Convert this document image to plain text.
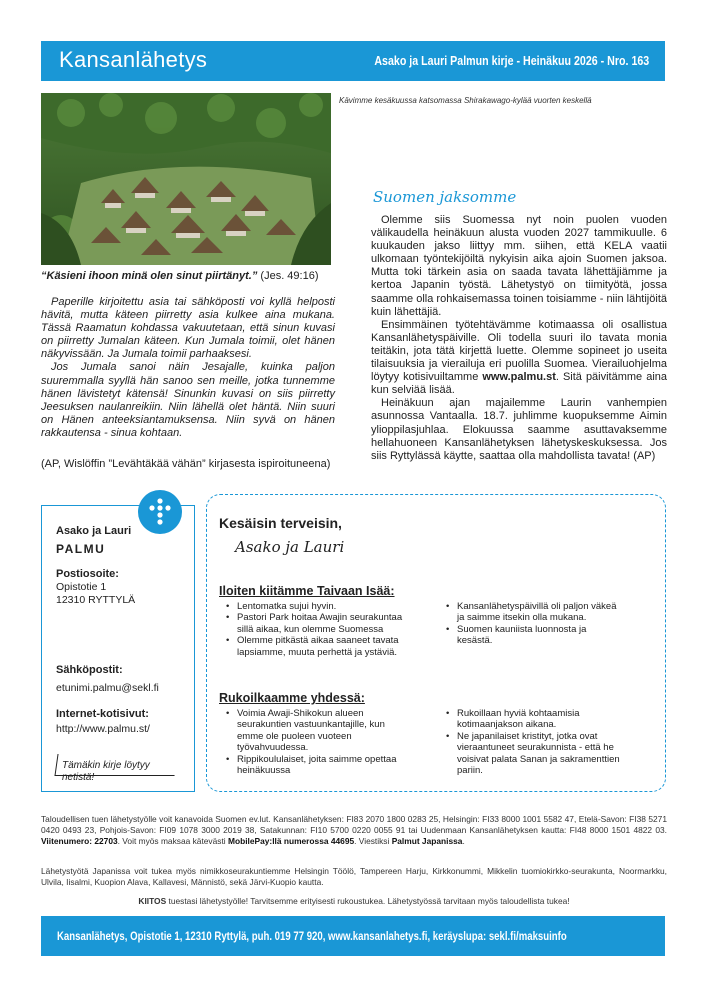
Kansanlähetys	Asako ja Lauri Palmun kirje - Heinäkuu 2026 - Nro. 163
Kävimme kesäkuussa katsomassa Shirakawago-kylää vuorten keskellä
“Käsieni ihoon minä olen sinut piirtänyt.” (Jes. 49:16)

Paperille kirjoitettu asia tai sähköposti voi kyllä helposti hävitä, mutta käteen piirretty asia kulkee aina mukana. Tässä Raamatun kohdassa vakuutetaan, että sinun kuvasi on piirretty Jumalan käteen. Kun Jumala toimii, olet hänen näkyvissään. Ja Jumala toimii parhaaksesi.

Jos Jumala sanoi näin Jesajalle, kuinka paljon suuremmalla syyllä hän sanoo sen meille, jotka tunnemme hänen lävistetyt kätensä! Sinunkin kuvasi on siis piirretty Jeesuksen naulanreikiin. Niin lähellä olet häntä. Niin suuri on Hänen anteeksiantamuksensa. Niin syvä on hänen rakkautensa - sinua kohtaan.

(AP, Wislöffin ”Levähtäkää vähän” kirjasesta ispiroituneena)
Suomen jaksomme

Olemme siis Suomessa nyt noin puolen vuoden välikaudella heinäkuun alusta vuoden 2027 tammikuulle. 6 kuukauden jakso liittyy mm. siihen, että KELA vaatii ulkomaan työntekijöiltä nykyisin aika ajoin Suomen jaksoa. Mutta toki tärkein asia on saada tavata lähettäjiämme ja kertoa Japanin työstä. Lähetystyö on tiimityötä, jossa saamme olla rohkaisemassa toinen toisiamme - niin lähtijöitä kuin lähettäjiä.

Ensimmäinen työtehtävämme kotimaassa oli osallistua Kansanlähetyspäiville. Oli todella suuri ilo tavata monia teitäkin, jota tätä kirjettä luette. Olemme sopineet jo useita tilaisuuksia ja vierailuja eri puolilla Suomea. Vierailuohjelma löytyy kotisivuiltamme www.palmu.st. Sitä päivitämme aina kun selviää lisää.

Heinäkuun ajan majailemme Laurin vanhempien asunnossa Vantaalla. 18.7. juhlimme kuopuksemme Aimin ylioppilasjuhlaa. Elokuussa saamme asuttavaksemme hellahuoneen Kansanlähetyksen lähetyskeskuksessa. Jos siis Ryttylässä käytte, saattaa olla mahdollista tavata! (AP)

Asako ja Lauri
PALMU
Postiosoite:
Opistotie 1
12310 RYTTYLÄ
Sähköpostit:
etunimi.palmu@sekl.fi
Internet-kotisivut:
http://www.palmu.st/
Tämäkin kirje löytyy netistä!
Kesäisin terveisin,
Asako ja Lauri
Iloiten kiitämme Taivaan Isää:
• Lentomatka sujui hyvin.
• Pastori Park hoitaa Awajin seurakuntaa sillä aikaa, kun olemme Suomessa
• Olemme pitkästä aikaa saaneet tavata lapsiamme, muuta perhettä ja ystäviä.
• Kansanlähetyspäivillä oli paljon väkeä ja saimme itsekin olla mukana.
• Suomen kauniista luonnosta ja kesästä.
Rukoilkaamme yhdessä:
• Voimia Awaji-Shikokun alueen seurakuntien vastuunkantajille, kun emme ole puoleen vuoteen työvahvuudessa.
• Rippikoululaiset, joita saimme opettaa heinäkuussa
• Rukoillaan hyviä kohtaamisia kotimaanjakson aikana.
• Ne japanilaiset kristityt, jotka ovat vieraantuneet seurakunnista - että he voisivat palata Sanan ja sakramenttien pariin.
Taloudellisen tuen lähetystyölle voit kanavoida Suomen ev.lut. Kansanlähetyksen: FI83 2070 1800 0283 25, Helsingin: FI33 8000 1001 5582 47, Etelä-Savon: FI38 5271 0420 0493 23, Pohjois-Savon: FI09 1078 3000 2019 38, Satakunnan: FI10 5700 0220 0055 91 tai Uudenmaan Kansanlähetyksen kautta: FI48 8000 1501 4822 03. Viitenumero: 22703. Voit myös maksaa kätevästi MobilePay:llä numerossa 44695. Viestiksi Palmut Japanissa.
Lähetystyötä Japanissa voit tukea myös nimikkoseurakuntiemme Helsingin Töölö, Tampereen Harju, Kirkkonummi, Mikkelin tuomiokirkko-seurakunta, Noormarkku, Ulvila, Iisalmi, Kuopion Alava, Kallavesi, Männistö, sekä Järvi-Kuopio kautta.
KIITOS tuestasi lähetystyölle! Tarvitsemme erityisesti rukoustukea. Lähetystyössä tarvitaan myös taloudellista tukea!
Kansanlähetys, Opistotie 1, 12310 Ryttylä, puh. 019 77 920, www.kansanlahetys.fi, keräyslupa: sekl.fi/maksuinfo
